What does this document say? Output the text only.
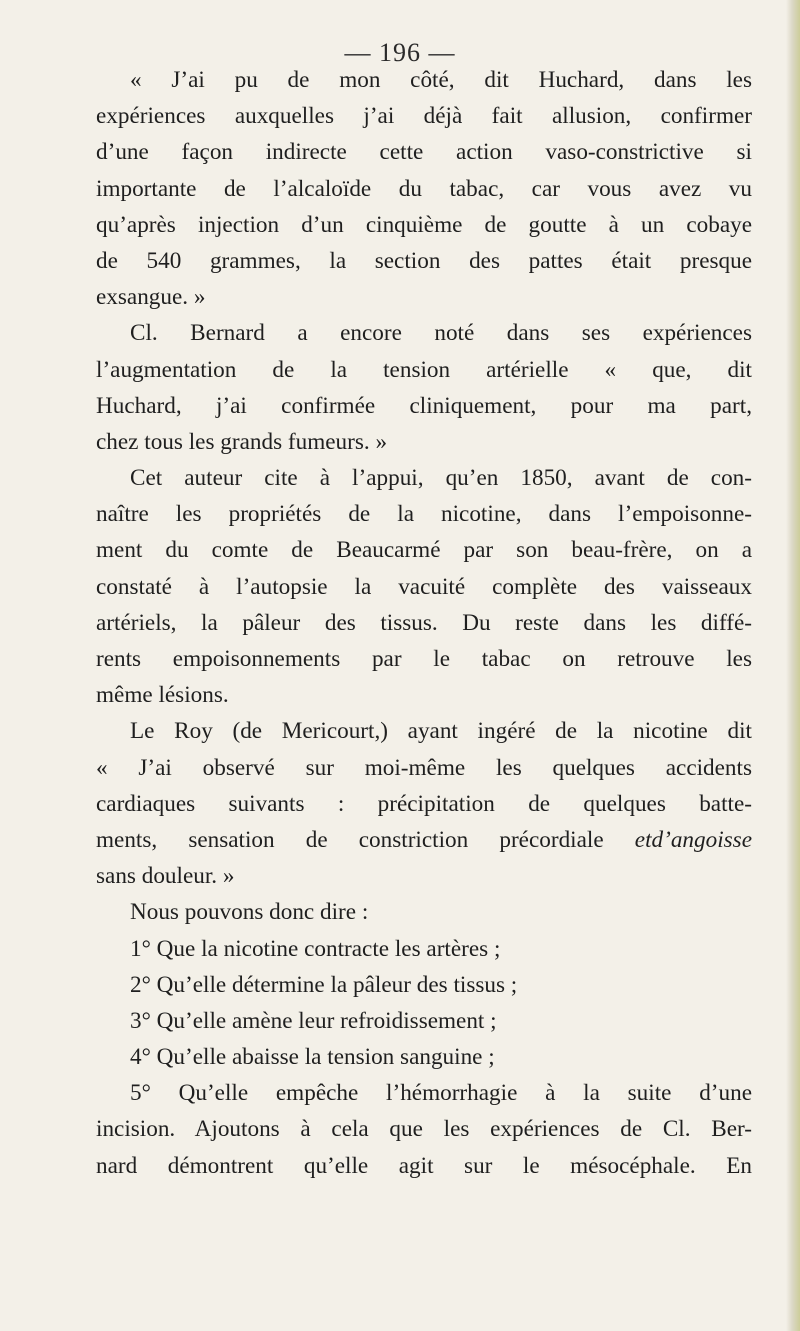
— 196 —
« J’ai pu de mon côté, dit Huchard, dans les
expériences auxquelles j’ai déjà fait allusion, confirmer
d’une façon indirecte cette action vaso-constrictive si
importante de l’alcaloïde du tabac, car vous avez vu
qu’après injection d’un cinquième de goutte à un cobaye
de 540 grammes, la section des pattes était presque
exsangue. »
Cl. Bernard a encore noté dans ses expériences
l’augmentation de la tension artérielle « que, dit
Huchard, j’ai confirmée cliniquement, pour ma part,
chez tous les grands fumeurs. »
Cet auteur cite à l’appui, qu’en 1850, avant de con-
naître les propriétés de la nicotine, dans l’empoisonne-
ment du comte de Beaucarmé par son beau-frère, on a
constaté à l’autopsie la vacuité complète des vaisseaux
artériels, la pâleur des tissus. Du reste dans les diffé-
rents empoisonnements par le tabac on retrouve les
même lésions.
Le Roy (de Mericourt,) ayant ingéré de la nicotine dit
« J’ai observé sur moi-même les quelques accidents
cardiaques suivants : précipitation de quelques batte-
ments, sensation de constriction précordiale etd’angoisse
sans douleur. »
Nous pouvons donc dire :
1° Que la nicotine contracte les artères ;
2° Qu’elle détermine la pâleur des tissus ;
3° Qu’elle amène leur refroidissement ;
4° Qu’elle abaisse la tension sanguine ;
5° Qu’elle empêche l’hémorrhagie à la suite d’une
incision. Ajoutons à cela que les expériences de Cl. Ber-
nard démontrent qu’elle agit sur le mésocéphale. En
